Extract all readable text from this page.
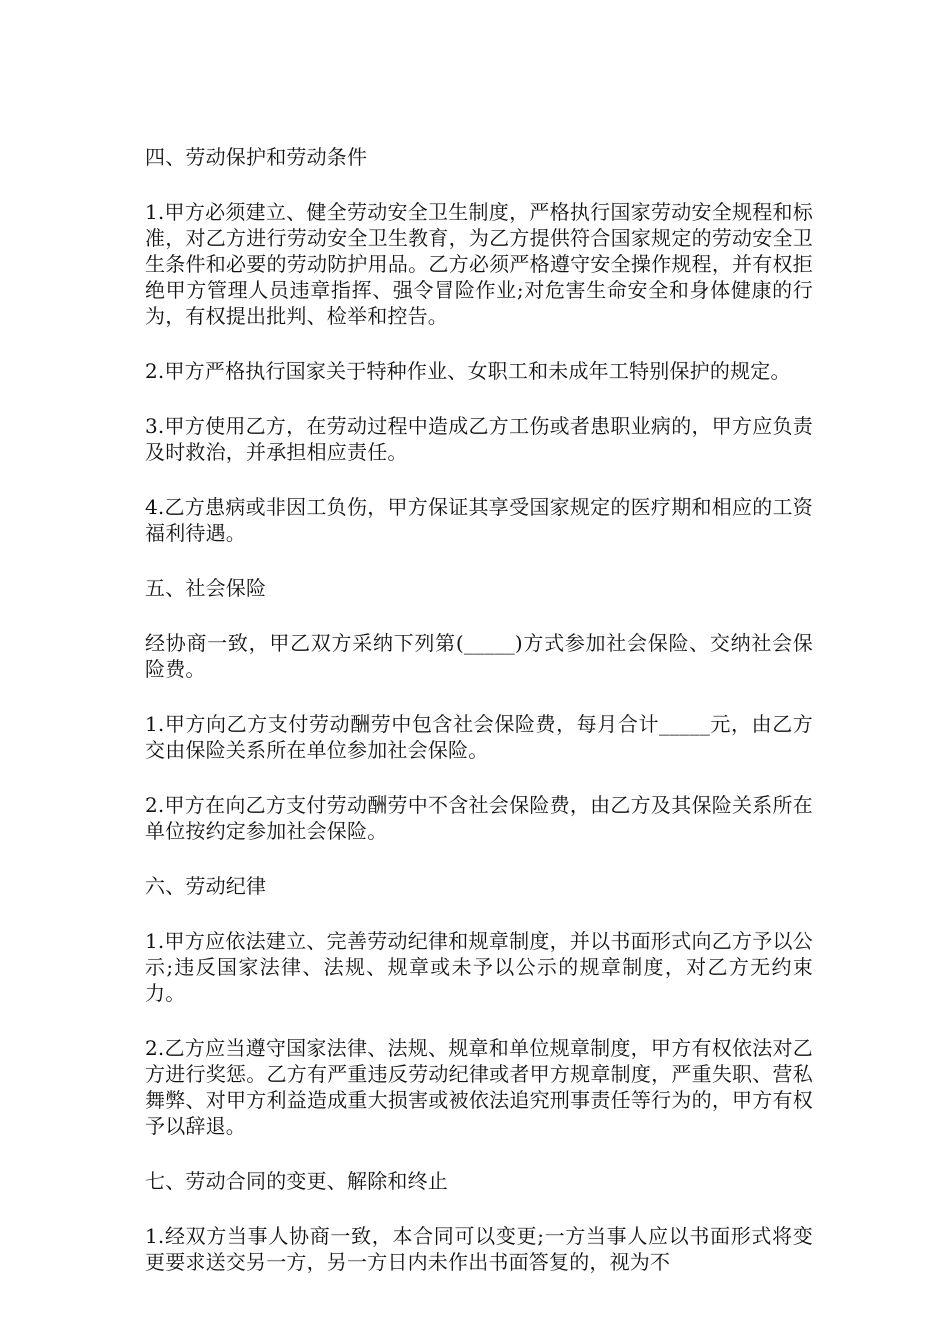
四、劳动保护和劳动条件
1.甲方必须建立、健全劳动安全卫生制度，严格执行国家劳动安全规程和标准，对乙方进行劳动安全卫生教育，为乙方提供符合国家规定的劳动安全卫生条件和必要的劳动防护用品。乙方必须严格遵守安全操作规程，并有权拒绝甲方管理人员违章指挥、强令冒险作业;对危害生命安全和身体健康的行为，有权提出批判、检举和控告。
2.甲方严格执行国家关于特种作业、女职工和未成年工特别保护的规定。
3.甲方使用乙方，在劳动过程中造成乙方工伤或者患职业病的，甲方应负责及时救治，并承担相应责任。
4.乙方患病或非因工负伤，甲方保证其享受国家规定的医疗期和相应的工资福利待遇。
五、社会保险
经协商一致，甲乙双方采纳下列第(_____)方式参加社会保险、交纳社会保险费。
1.甲方向乙方支付劳动酬劳中包含社会保险费，每月合计_____元，由乙方交由保险关系所在单位参加社会保险。
2.甲方在向乙方支付劳动酬劳中不含社会保险费，由乙方及其保险关系所在单位按约定参加社会保险。
六、劳动纪律
1.甲方应依法建立、完善劳动纪律和规章制度，并以书面形式向乙方予以公示;违反国家法律、法规、规章或未予以公示的规章制度，对乙方无约束力。
2.乙方应当遵守国家法律、法规、规章和单位规章制度，甲方有权依法对乙方进行奖惩。乙方有严重违反劳动纪律或者甲方规章制度，严重失职、营私舞弊、对甲方利益造成重大损害或被依法追究刑事责任等行为的，甲方有权予以辞退。
七、劳动合同的变更、解除和终止
1.经双方当事人协商一致，本合同可以变更;一方当事人应以书面形式将变更要求送交另一方，另一方日内未作出书面答复的，视为不
